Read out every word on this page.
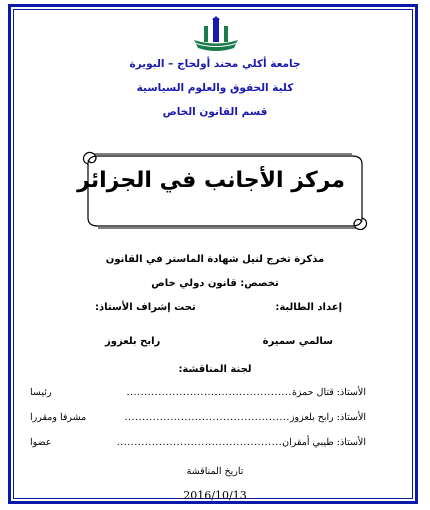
جامعة أكلي محند أولحاج – البويرة
كلية الحقوق والعلوم السياسية
قسم القانون الخاص
مركز الأجانب في الجزائر
مذكرة تخرج لنيل شهادة الماستر في القانون
تخصص: قانون دولي خاص
إعداد الطالبة:
سالمي سميرة
تحت إشراف الأستاذ:
رابح بلعزوز
لجنة المناقشة:
الأستاذ: قتال حمزة
...............................................
رئيسا
الأستاذ: رابح بلعزوز
...............................................
مشرفا ومقررا
الأستاذ: طيبي أمقران
...............................................
عضوا
تاريخ المناقشة
2016/10/13
